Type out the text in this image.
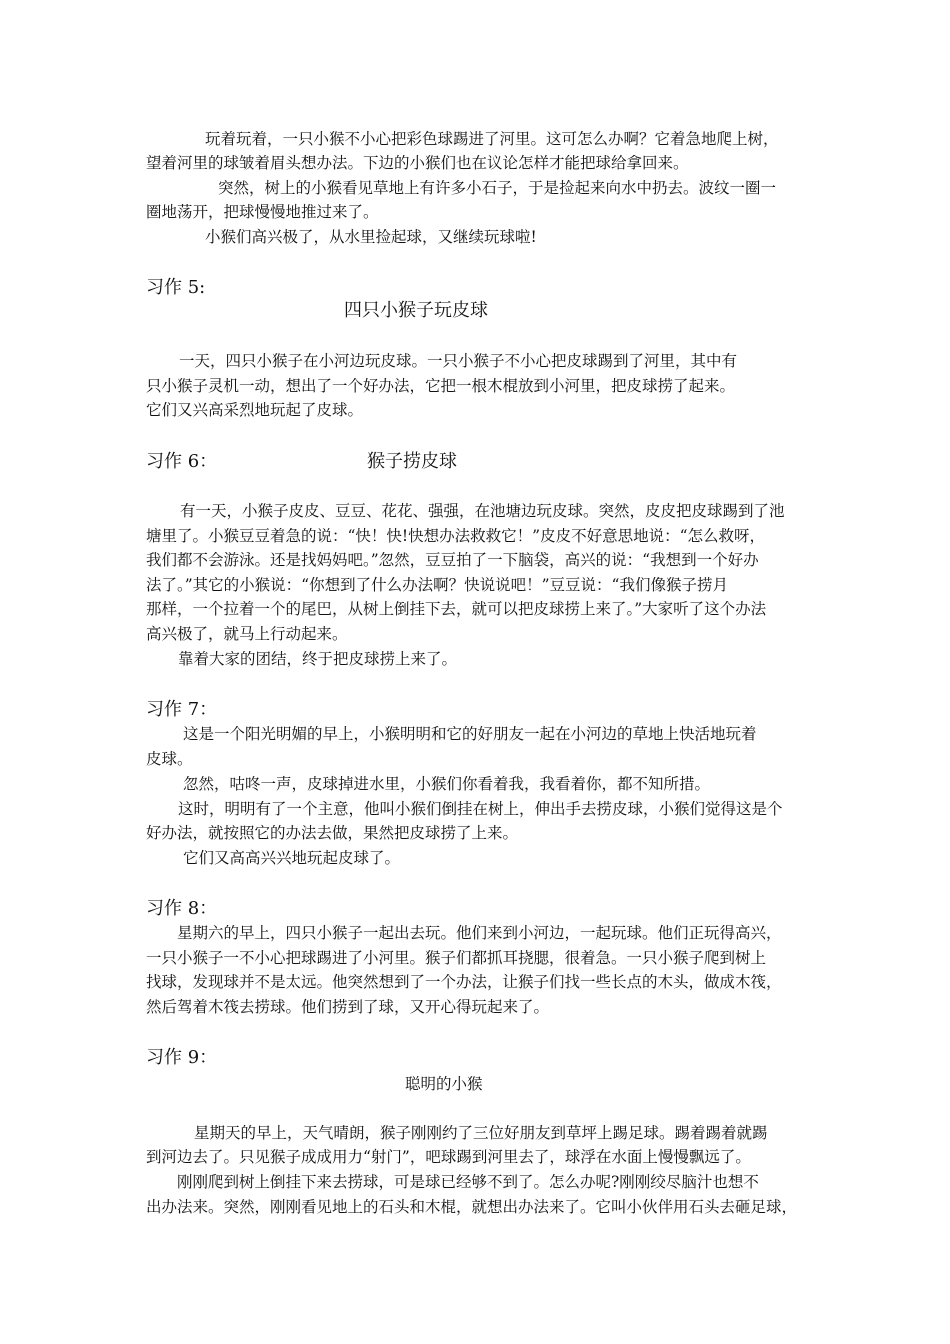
玩着玩着，一只小猴不小心把彩色球踢进了河里。这可怎么办啊？它着急地爬上树，
望着河里的球皱着眉头想办法。下边的小猴们也在议论怎样才能把球给拿回来。
突然，树上的小猴看见草地上有许多小石子，于是捡起来向水中扔去。波纹一圈一
圈地荡开，把球慢慢地推过来了。
小猴们高兴极了，从水里捡起球，又继续玩球啦!
习作 5:
四只小猴子玩皮球
一天，四只小猴子在小河边玩皮球。一只小猴子不小心把皮球踢到了河里，其中有
只小猴子灵机一动，想出了一个好办法，它把一根木棍放到小河里，把皮球捞了起来。
它们又兴高采烈地玩起了皮球。
习作 6：	猴子捞皮球
有一天，小猴子皮皮、豆豆、花花、强强，在池塘边玩皮球。突然，皮皮把皮球踢到了池
塘里了。小猴豆豆着急的说：“快！快!快想办法救救它！”皮皮不好意思地说：“怎么救呀，
我们都不会游泳。还是找妈妈吧。”忽然，豆豆拍了一下脑袋，高兴的说：“我想到一个好办
法了。”其它的小猴说：“你想到了什么办法啊？快说说吧！”豆豆说：“我们像猴子捞月
那样，一个拉着一个的尾巴，从树上倒挂下去，就可以把皮球捞上来了。”大家听了这个办法
高兴极了，就马上行动起来。
靠着大家的团结，终于把皮球捞上来了。
习作 7：
这是一个阳光明媚的早上，小猴明明和它的好朋友一起在小河边的草地上快活地玩着
皮球。
忽然，咕咚一声，皮球掉进水里，小猴们你看着我，我看着你，都不知所措。
这时，明明有了一个主意，他叫小猴们倒挂在树上，伸出手去捞皮球，小猴们觉得这是个
好办法，就按照它的办法去做，果然把皮球捞了上来。
它们又高高兴兴地玩起皮球了。
习作 8：
星期六的早上，四只小猴子一起出去玩。他们来到小河边，一起玩球。他们正玩得高兴，
一只小猴子一不小心把球踢进了小河里。猴子们都抓耳挠腮，很着急。一只小猴子爬到树上
找球，发现球并不是太远。他突然想到了一个办法，让猴子们找一些长点的木头，做成木筏，
然后驾着木筏去捞球。他们捞到了球，又开心得玩起来了。
习作 9：
聪明的小猴
星期天的早上，天气晴朗，猴子刚刚约了三位好朋友到草坪上踢足球。踢着踢着就踢
到河边去了。只见猴子成成用力“射门”，吧球踢到河里去了，球浮在水面上慢慢飘远了。
刚刚爬到树上倒挂下来去捞球，可是球已经够不到了。怎么办呢?刚刚绞尽脑汁也想不
出办法来。突然，刚刚看见地上的石头和木棍，就想出办法来了。它叫小伙伴用石头去砸足球，
